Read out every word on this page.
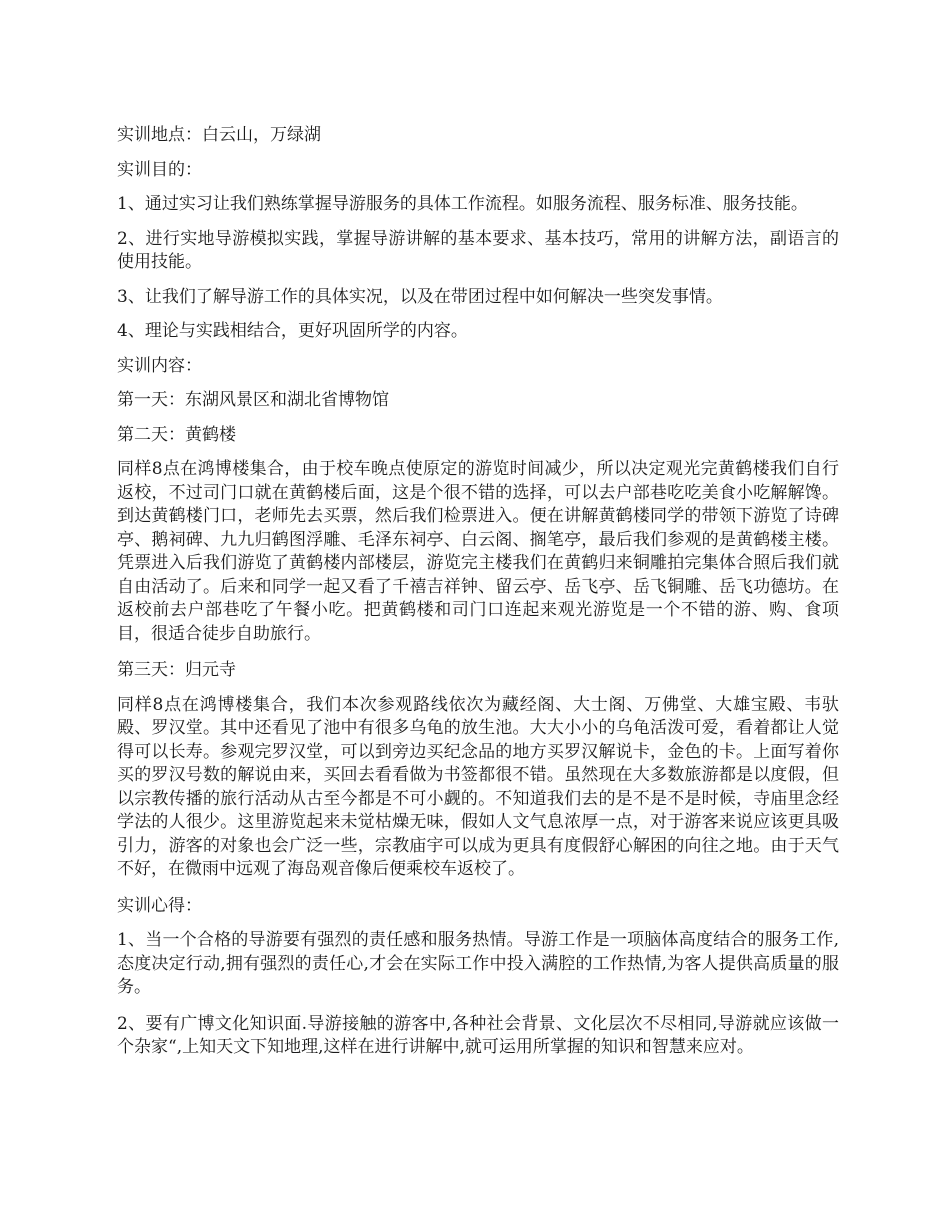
实训地点：白云山，万绿湖

实训目的：

1、通过实习让我们熟练掌握导游服务的具体工作流程。如服务流程、服务标准、服务技能。

2、进行实地导游模拟实践，掌握导游讲解的基本要求、基本技巧，常用的讲解方法，副语言的使用技能。

3、让我们了解导游工作的具体实况，以及在带团过程中如何解决一些突发事情。

4、理论与实践相结合，更好巩固所学的内容。

实训内容：

第一天：东湖风景区和湖北省博物馆

第二天：黄鹤楼

同样8点在鸿博楼集合，由于校车晚点使原定的游览时间减少，所以决定观光完黄鹤楼我们自行返校，不过司门口就在黄鹤楼后面，这是个很不错的选择，可以去户部巷吃吃美食小吃解解馋。到达黄鹤楼门口，老师先去买票，然后我们检票进入。便在讲解黄鹤楼同学的带领下游览了诗碑亭、鹅祠碑、九九归鹤图浮雕、毛泽东祠亭、白云阁、搁笔亭，最后我们参观的是黄鹤楼主楼。凭票进入后我们游览了黄鹤楼内部楼层，游览完主楼我们在黄鹤归来铜雕拍完集体合照后我们就自由活动了。后来和同学一起又看了千禧吉祥钟、留云亭、岳飞亭、岳飞铜雕、岳飞功德坊。在返校前去户部巷吃了午餐小吃。把黄鹤楼和司门口连起来观光游览是一个不错的游、购、食项目，很适合徒步自助旅行。

第三天：归元寺

同样8点在鸿博楼集合，我们本次参观路线依次为藏经阁、大士阁、万佛堂、大雄宝殿、韦驮殿、罗汉堂。其中还看见了池中有很多乌龟的放生池。大大小小的乌龟活泼可爱，看着都让人觉得可以长寿。参观完罗汉堂，可以到旁边买纪念品的地方买罗汉解说卡，金色的卡。上面写着你买的罗汉号数的解说由来，买回去看看做为书签都很不错。虽然现在大多数旅游都是以度假，但以宗教传播的旅行活动从古至今都是不可小觑的。不知道我们去的是不是不是时候，寺庙里念经学法的人很少。这里游览起来未觉枯燥无味，假如人文气息浓厚一点，对于游客来说应该更具吸引力，游客的对象也会广泛一些，宗教庙宇可以成为更具有度假舒心解困的向往之地。由于天气不好，在微雨中远观了海岛观音像后便乘校车返校了。

实训心得：

1、当一个合格的导游要有强烈的责任感和服务热情。导游工作是一项脑体高度结合的服务工作,态度决定行动,拥有强烈的责任心,才会在实际工作中投入满腔的工作热情,为客人提供高质量的服务。

2、要有广博文化知识面.导游接触的游客中,各种社会背景、文化层次不尽相同,导游就应该做一个杂家“,上知天文下知地理,这样在进行讲解中,就可运用所掌握的知识和智慧来应对。
